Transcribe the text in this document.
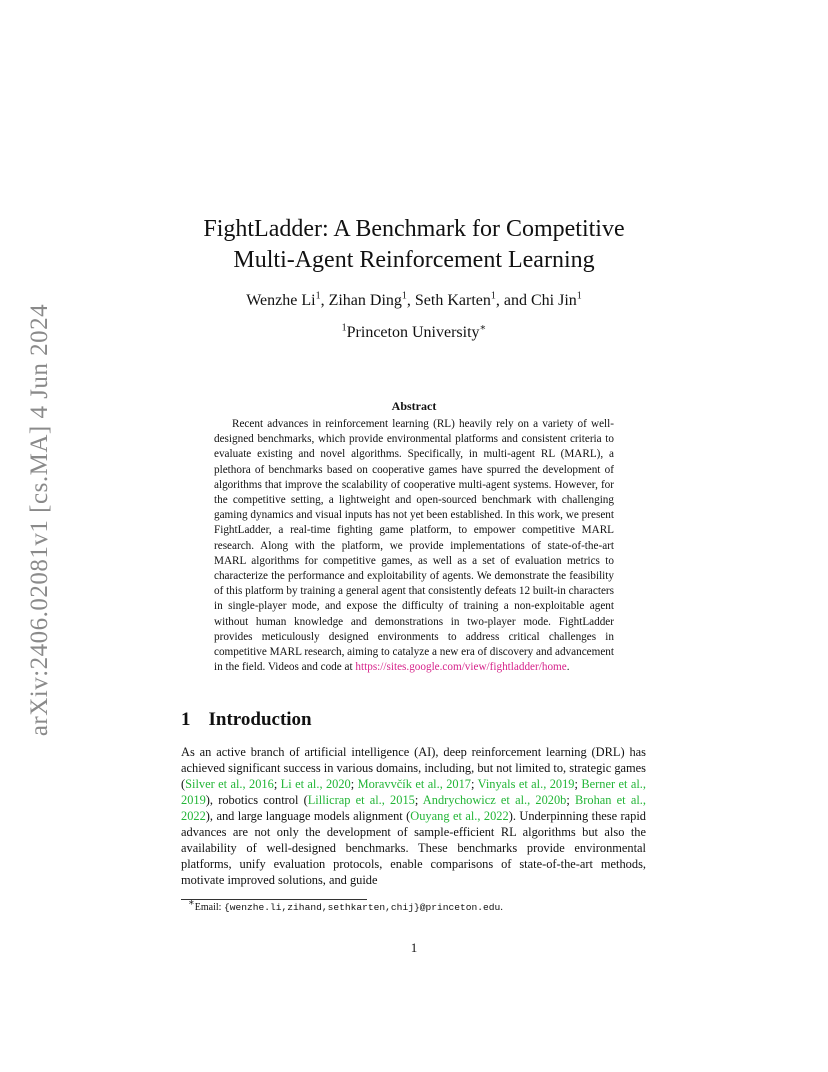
arXiv:2406.02081v1 [cs.MA] 4 Jun 2024
FightLadder: A Benchmark for Competitive
Multi-Agent Reinforcement Learning
Wenzhe Li$^1$, Zihan Ding$^1$, Seth Karten$^1$, and Chi Jin$^1$
$^1$Princeton University∗
Abstract
Recent advances in reinforcement learning (RL) heavily rely on a variety of well-designed benchmarks, which provide environmental platforms and consistent criteria to evaluate existing and novel algorithms. Specifically, in multi-agent RL (MARL), a plethora of benchmarks based on cooperative games have spurred the development of algorithms that improve the scalability of cooperative multi-agent systems. However, for the competitive setting, a lightweight and open-sourced benchmark with challenging gaming dynamics and visual inputs has not yet been established. In this work, we present FightLadder, a real-time fighting game platform, to empower competitive MARL research. Along with the platform, we provide implementations of state-of-the-art MARL algorithms for competitive games, as well as a set of evaluation metrics to characterize the performance and exploitability of agents. We demonstrate the feasibility of this platform by training a general agent that consistently defeats 12 built-in characters in single-player mode, and expose the difficulty of training a non-exploitable agent without human knowledge and demonstrations in two-player mode. FightLadder provides meticulously designed environments to address critical challenges in competitive MARL research, aiming to catalyze a new era of discovery and advancement in the field. Videos and code at https://sites.google.com/view/fightladder/home.
1 Introduction
As an active branch of artificial intelligence (AI), deep reinforcement learning (DRL) has achieved significant success in various domains, including, but not limited to, strategic games (Silver et al., 2016; Li et al., 2020; Moravvčík et al., 2017; Vinyals et al., 2019; Berner et al., 2019), robotics control (Lillicrap et al., 2015; Andrychowicz et al., 2020b; Brohan et al., 2022), and large language models alignment (Ouyang et al., 2022). Underpinning these rapid advances are not only the development of sample-efficient RL algorithms but also the availability of well-designed benchmarks. These benchmarks provide environmental platforms, unify evaluation protocols, enable comparisons of state-of-the-art methods, motivate improved solutions, and guide
∗Email: {wenzhe.li,zihand,sethkarten,chij}@princeton.edu.
1
